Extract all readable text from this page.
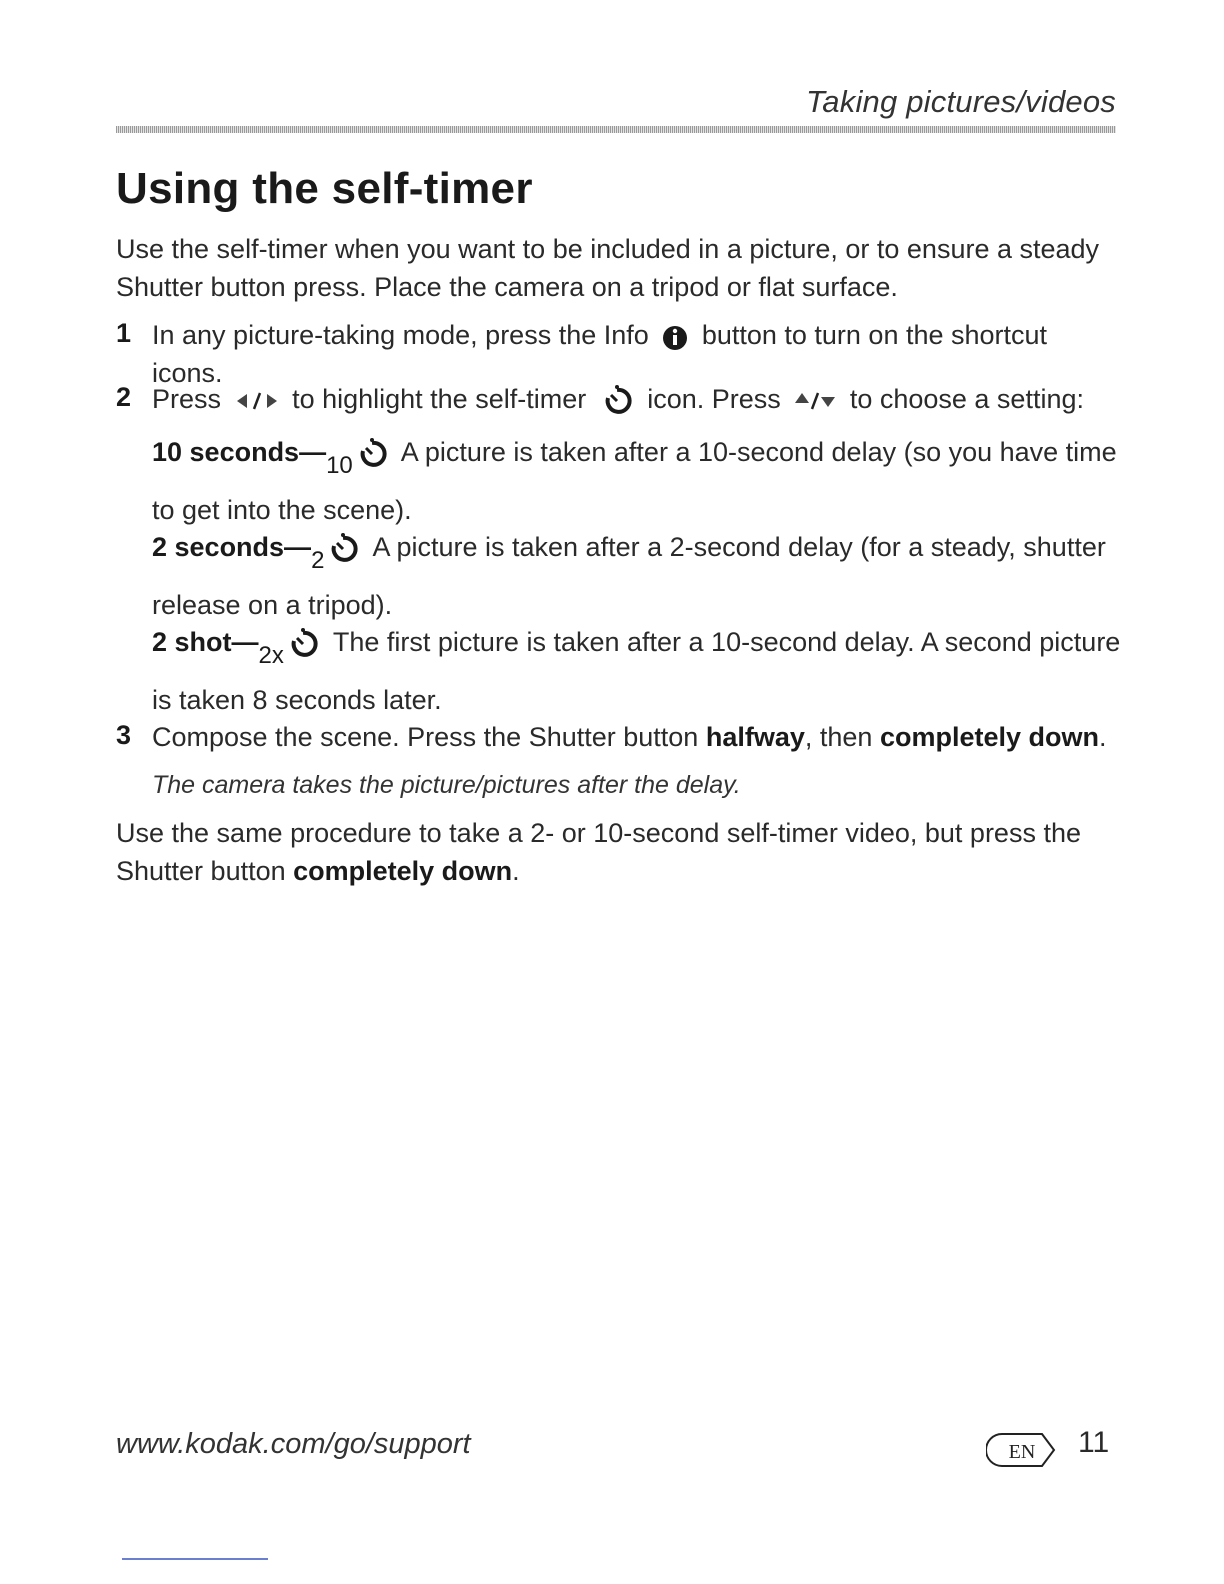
Taking pictures/videos
Using the self-timer
Use the self-timer when you want to be included in a picture, or to ensure a steady Shutter button press. Place the camera on a tripod or flat surface.
1 In any picture-taking mode, press the Info button to turn on the shortcut icons.
2 Press	to highlight the self-timer icon. Press	to choose a setting:
10 seconds—10 A picture is taken after a 10-second delay (so you have time to get into the scene).
2 seconds—2 A picture is taken after a 2-second delay (for a steady, shutter release on a tripod).
2 shot—2x The first picture is taken after a 10-second delay. A second picture is taken 8 seconds later.
3 Compose the scene. Press the Shutter button halfway, then completely down.
The camera takes the picture/pictures after the delay.
Use the same procedure to take a 2- or 10-second self-timer video, but press the Shutter button completely down.
www.kodak.com/go/support	EN 11
